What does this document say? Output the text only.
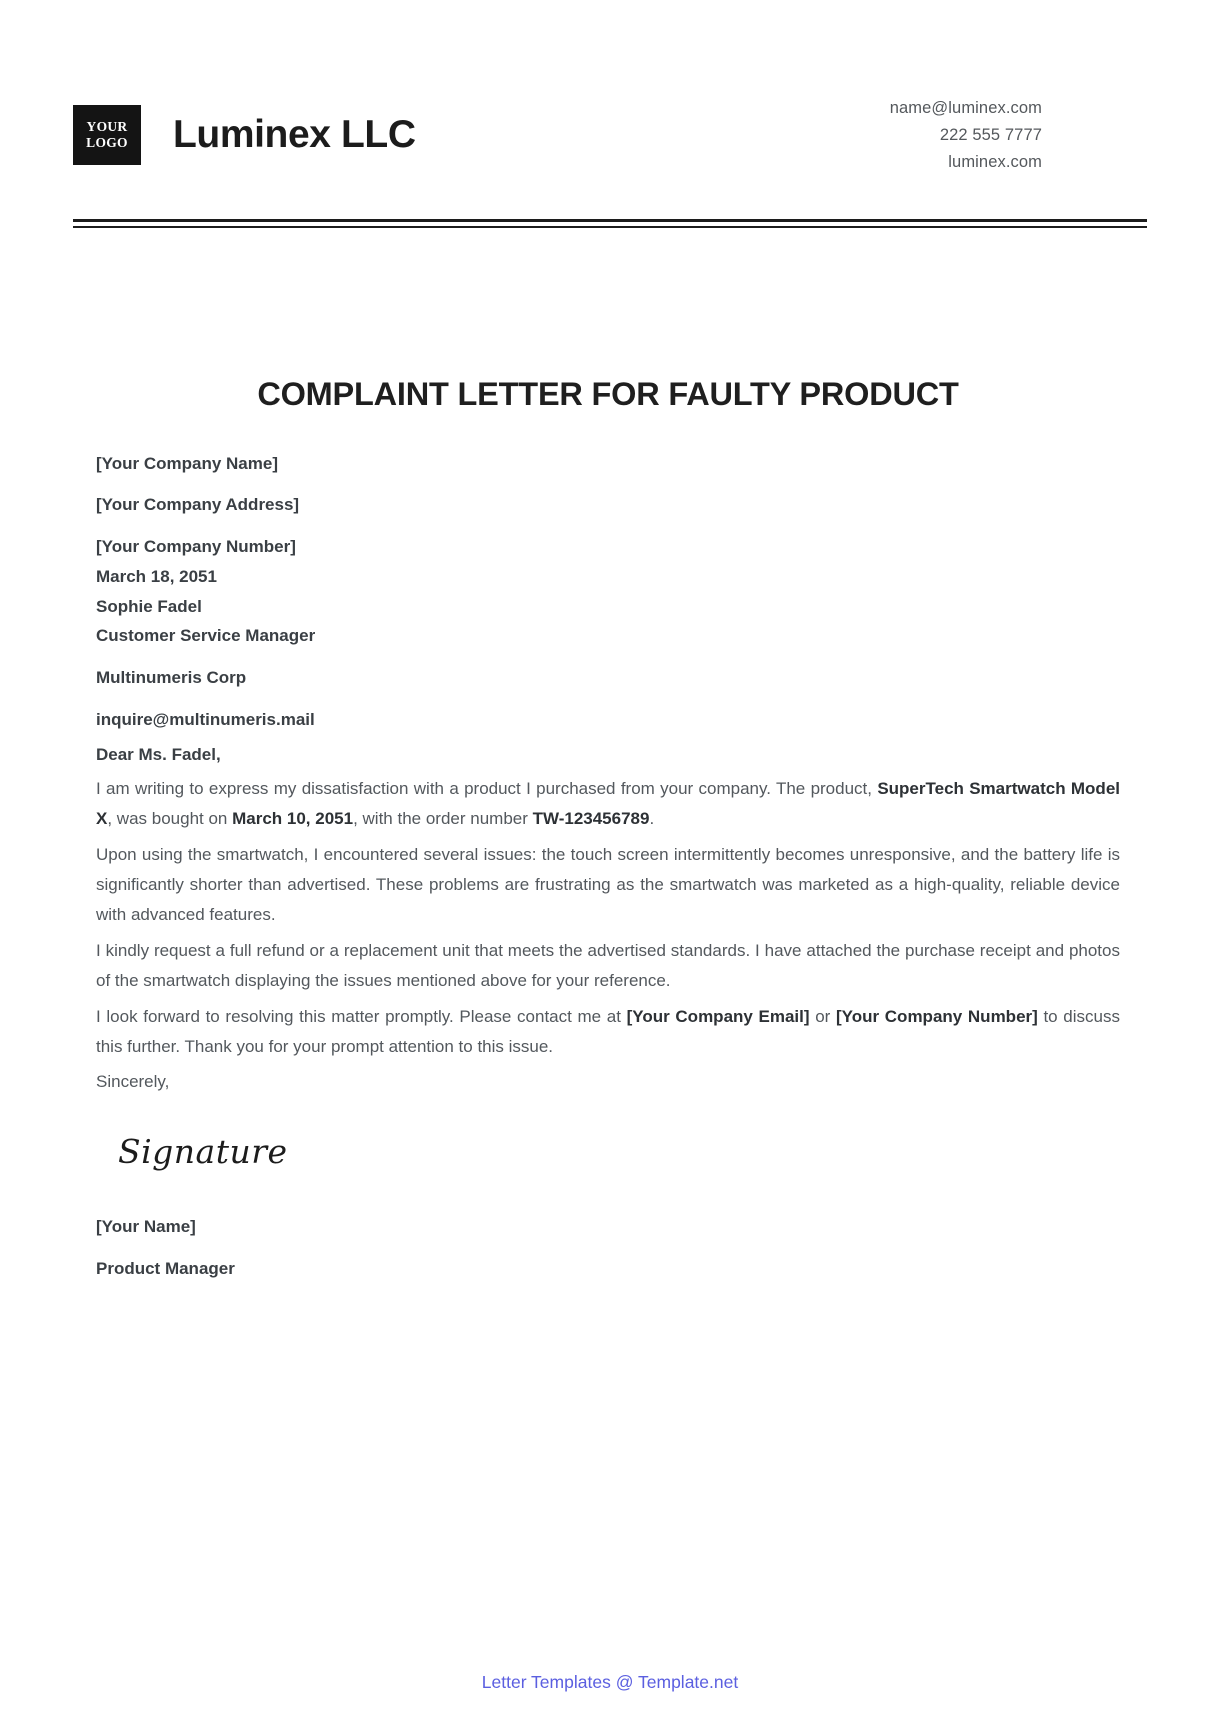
YOUR
LOGO Luminex LLC
name@luminex.com
222 555 7777
luminex.com
COMPLAINT LETTER FOR FAULTY PRODUCT
[Your Company Name]
[Your Company Address]
[Your Company Number]
March 18, 2051
Sophie Fadel
Customer Service Manager
Multinumeris Corp
inquire@multinumeris.mail
Dear Ms. Fadel,

I am writing to express my dissatisfaction with a product I purchased from your company. The product, SuperTech Smartwatch Model X, was bought on March 10, 2051, with the order number TW-123456789.

Upon using the smartwatch, I encountered several issues: the touch screen intermittently becomes unresponsive, and the battery life is significantly shorter than advertised. These problems are frustrating as the smartwatch was marketed as a high-quality, reliable device with advanced features.

I kindly request a full refund or a replacement unit that meets the advertised standards. I have attached the purchase receipt and photos of the smartwatch displaying the issues mentioned above for your reference.

I look forward to resolving this matter promptly. Please contact me at [Your Company Email] or [Your Company Number] to discuss this further. Thank you for your prompt attention to this issue.

Sincerely,
Signature
[Your Name]
Product Manager
Letter Templates @ Template.net
